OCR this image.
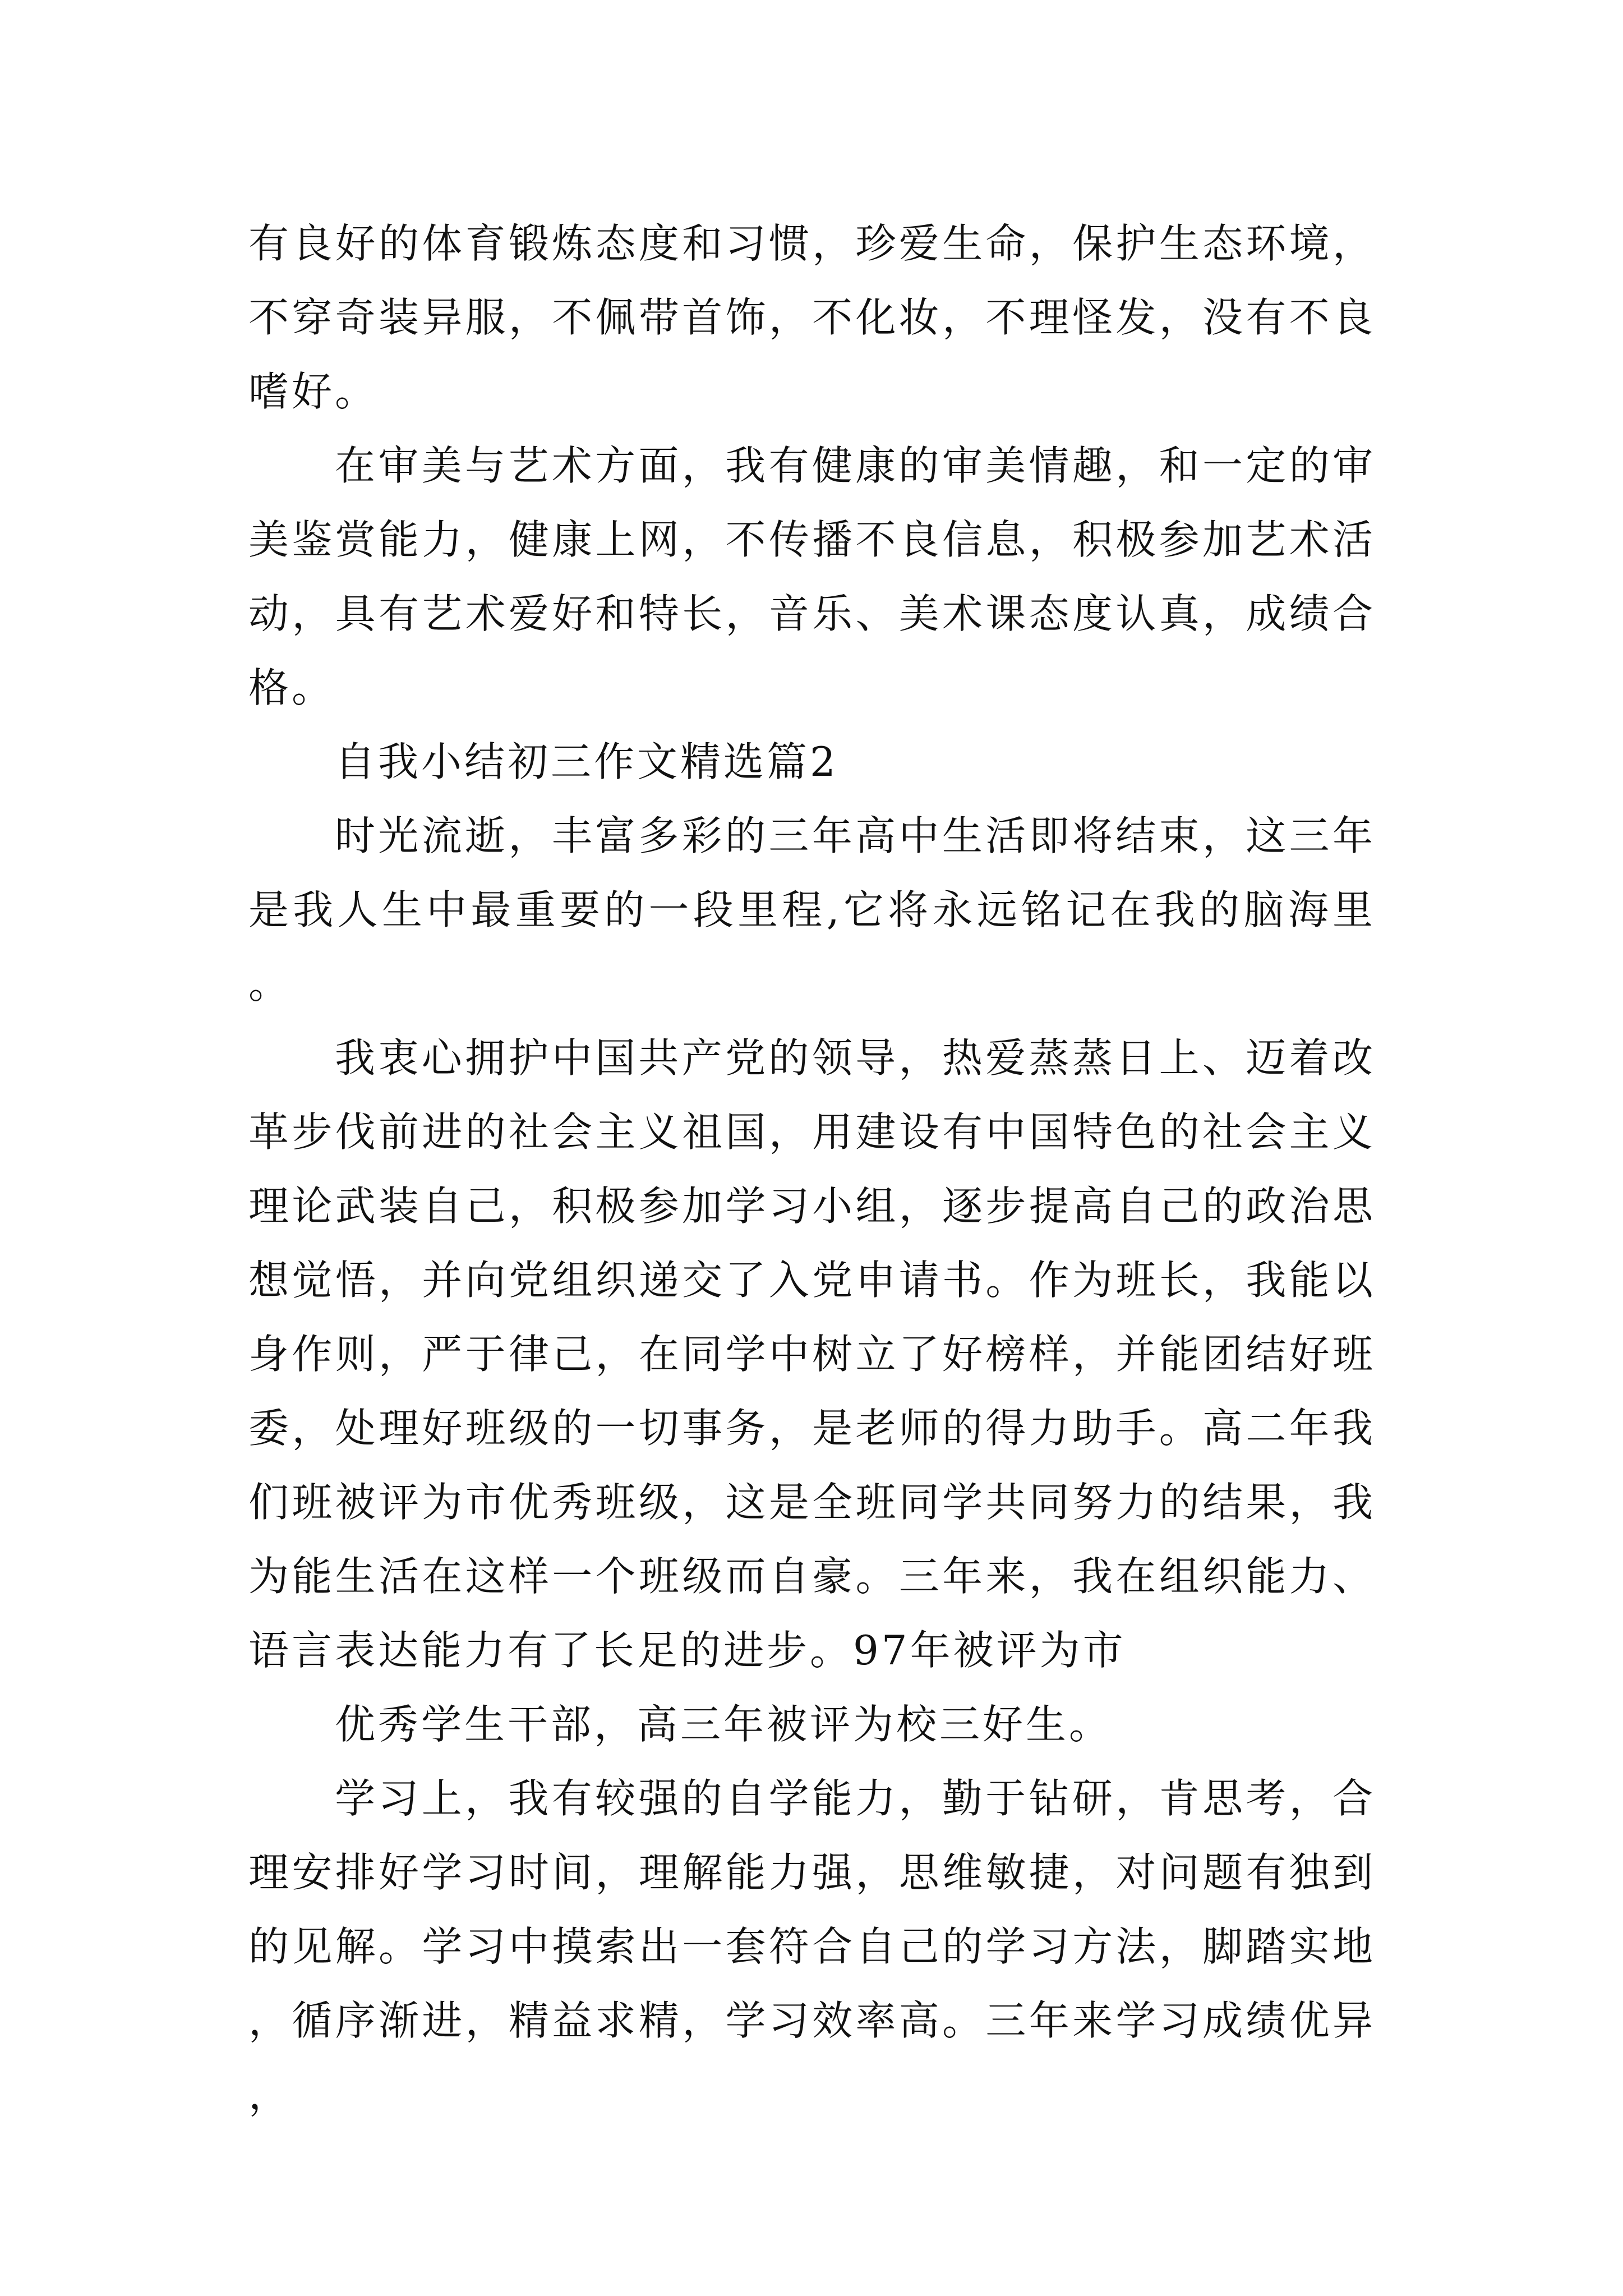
有良好的体育锻炼态度和习惯，珍爱生命，保护生态环境，不穿奇装异服，不佩带首饰，不化妆，不理怪发，没有不良嗜好。

在审美与艺术方面，我有健康的审美情趣，和一定的审美鉴赏能力，健康上网，不传播不良信息，积极参加艺术活动，具有艺术爱好和特长，音乐、美术课态度认真，成绩合格。

自我小结初三作文精选篇2

时光流逝，丰富多彩的三年高中生活即将结束，这三年是我人生中最重要的一段里程,它将永远铭记在我的脑海里。

我衷心拥护中国共产党的领导，热爱蒸蒸日上、迈着改革步伐前进的社会主义祖国，用建设有中国特色的社会主义理论武装自己，积极参加学习小组，逐步提高自己的政治思想觉悟，并向党组织递交了入党申请书。作为班长，我能以身作则，严于律己，在同学中树立了好榜样，并能团结好班委，处理好班级的一切事务，是老师的得力助手。高二年我们班被评为市优秀班级，这是全班同学共同努力的结果，我为能生活在这样一个班级而自豪。三年来，我在组织能力、语言表达能力有了长足的进步。97年被评为市

优秀学生干部，高三年被评为校三好生。

学习上，我有较强的自学能力，勤于钻研，肯思考，合理安排好学习时间，理解能力强，思维敏捷，对问题有独到的见解。学习中摸索出一套符合自己的学习方法，脚踏实地，循序渐进，精益求精，学习效率高。三年来学习成绩优异，
